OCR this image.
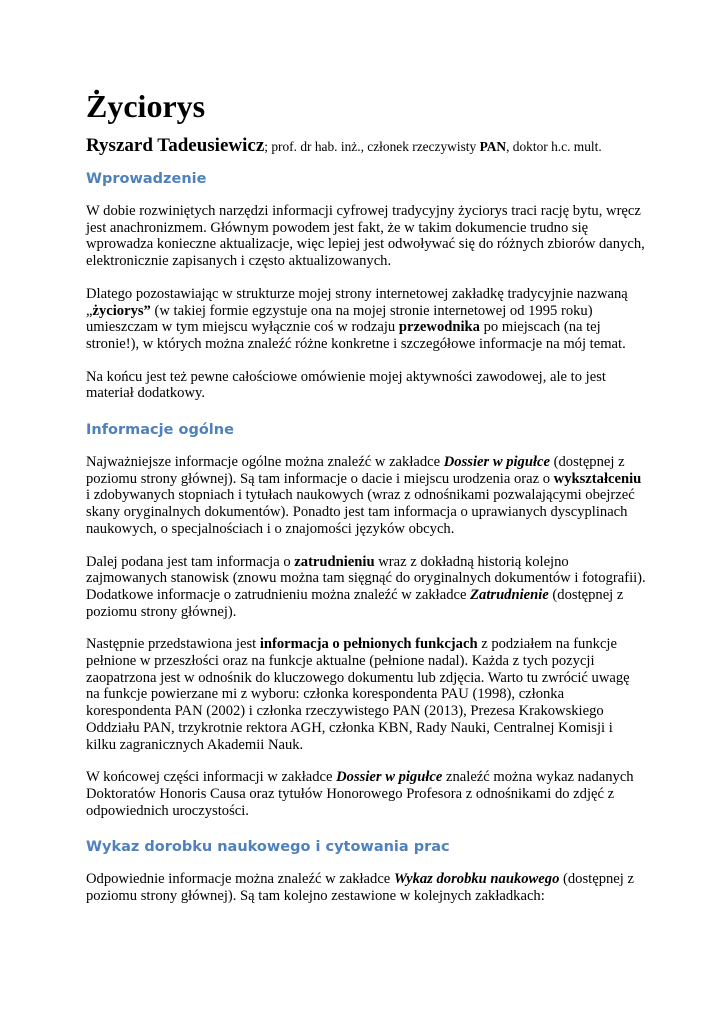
Życiorys
Ryszard Tadeusiewicz; prof. dr hab. inż., członek rzeczywisty PAN, doktor h.c. mult.
Wprowadzenie

W dobie rozwiniętych narzędzi informacji cyfrowej tradycyjny życiorys traci rację bytu, wręcz jest anachronizmem. Głównym powodem jest fakt, że w takim dokumencie trudno się wprowadza konieczne aktualizacje, więc lepiej jest odwoływać się do różnych zbiorów danych, elektronicznie zapisanych i często aktualizowanych.

Dlatego pozostawiając w strukturze mojej strony internetowej zakładkę tradycyjnie nazwaną „życiorys” (w takiej formie egzystuje ona na mojej stronie internetowej od 1995 roku) umieszczam w tym miejscu wyłącznie coś w rodzaju przewodnika po miejscach (na tej stronie!), w których można znaleźć różne konkretne i szczegółowe informacje na mój temat.

Na końcu jest też pewne całościowe omówienie mojej aktywności zawodowej, ale to jest materiał dodatkowy.

Informacje ogólne

Najważniejsze informacje ogólne można znaleźć w zakładce Dossier w pigułce (dostępnej z poziomu strony głównej). Są tam informacje o dacie i miejscu urodzenia oraz o wykształceniu i zdobywanych stopniach i tytułach naukowych (wraz z odnośnikami pozwalającymi obejrzeć skany oryginalnych dokumentów). Ponadto jest tam informacja o uprawianych dyscyplinach naukowych, o specjalnościach i o znajomości języków obcych.

Dalej podana jest tam informacja o zatrudnieniu wraz z dokładną historią kolejno zajmowanych stanowisk (znowu można tam sięgnąć do oryginalnych dokumentów i fotografii). Dodatkowe informacje o zatrudnieniu można znaleźć w zakładce Zatrudnienie (dostępnej z poziomu strony głównej).

Następnie przedstawiona jest informacja o pełnionych funkcjach z podziałem na funkcje pełnione w przeszłości oraz na funkcje aktualne (pełnione nadal). Każda z tych pozycji zaopatrzona jest w odnośnik do kluczowego dokumentu lub zdjęcia. Warto tu zwrócić uwagę na funkcje powierzane mi z wyboru: członka korespondenta PAU (1998), członka korespondenta PAN (2002) i członka rzeczywistego PAN (2013), Prezesa Krakowskiego Oddziału PAN, trzykrotnie rektora AGH, członka KBN, Rady Nauki, Centralnej Komisji i kilku zagranicznych Akademii Nauk.

W końcowej części informacji w zakładce Dossier w pigułce znaleźć można wykaz nadanych Doktoratów Honoris Causa oraz tytułów Honorowego Profesora z odnośnikami do zdjęć z odpowiednich uroczystości.

Wykaz dorobku naukowego i cytowania prac

Odpowiednie informacje można znaleźć w zakładce Wykaz dorobku naukowego (dostępnej z poziomu strony głównej). Są tam kolejno zestawione w kolejnych zakładkach:
